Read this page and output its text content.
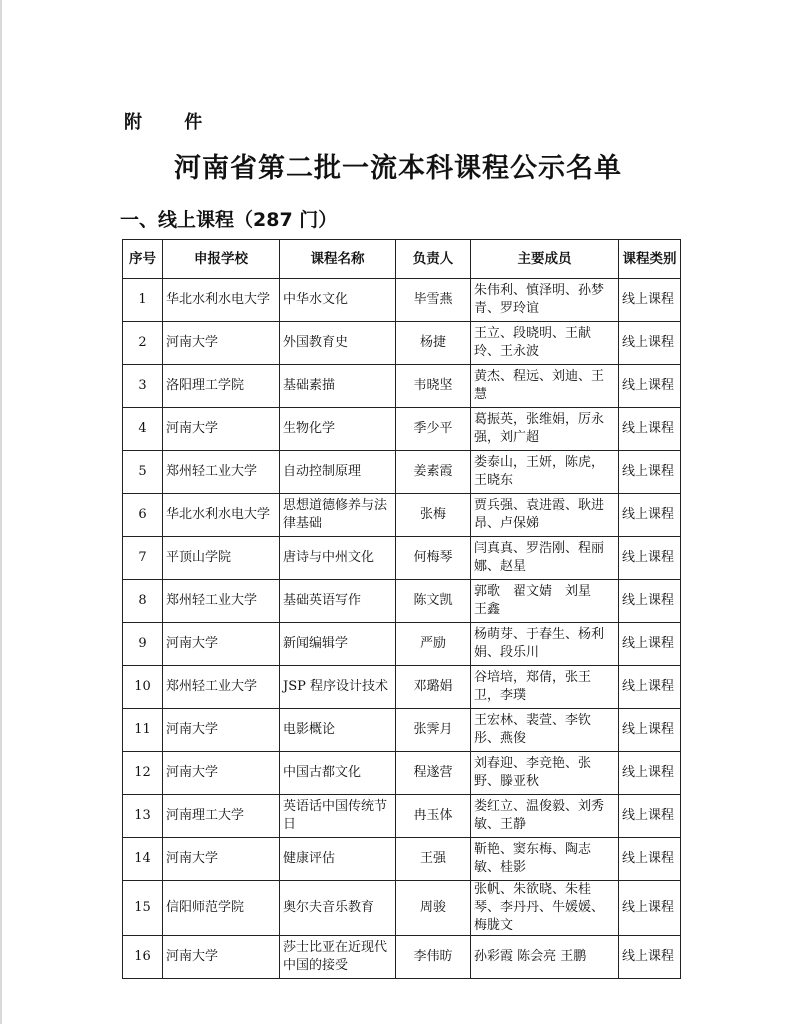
附 件
河南省第二批一流本科课程公示名单
一、线上课程（287 门）
序号	申报学校	课程名称	负责人	主要成员	课程类别
1	华北水利水电大学	中华水文化	毕雪燕	朱伟利、慎泽明、孙梦青、罗玲谊	线上课程
2	河南大学	外国教育史	杨捷	王立、段晓明、王献玲、王永波	线上课程
3	洛阳理工学院	基础素描	韦晓坚	黄杰、程远、刘迪、王慧	线上课程
4	河南大学	生物化学	季少平	葛振英，张维娟，厉永强，刘广超	线上课程
5	郑州轻工业大学	自动控制原理	姜素霞	娄泰山，王妍，陈虎，王晓东	线上课程
6	华北水利水电大学	思想道德修养与法律基础	张梅	贾兵强、袁进霞、耿进昂、卢保娣	线上课程
7	平顶山学院	唐诗与中州文化	何梅琴	闫真真、罗浩刚、程丽娜、赵星	线上课程
8	郑州轻工业大学	基础英语写作	陈文凯	郭歌　翟文婧　刘星　王鑫	线上课程
9	河南大学	新闻编辑学	严励	杨萌芽、于春生、杨利娟、段乐川	线上课程
10	郑州轻工业大学	JSP 程序设计技术	邓璐娟	谷培培，郑倩，张王卫，李璞	线上课程
11	河南大学	电影概论	张霁月	王宏林、裴萱、李钦彤、燕俊	线上课程
12	河南大学	中国古都文化	程遂营	刘春迎、李竞艳、张野、滕亚秋	线上课程
13	河南理工大学	英语话中国传统节日	冉玉体	娄红立、温俊毅、刘秀敏、王静	线上课程
14	河南大学	健康评估	王强	靳艳、窦东梅、陶志敏、桂影	线上课程
15	信阳师范学院	奥尔夫音乐教育	周骏	张帆、朱欲晓、朱桂琴、李丹丹、牛媛媛、梅胧文	线上课程
16	河南大学	莎士比亚在近现代中国的接受	李伟昉	孙彩霞 陈会亮 王鹏	线上课程
